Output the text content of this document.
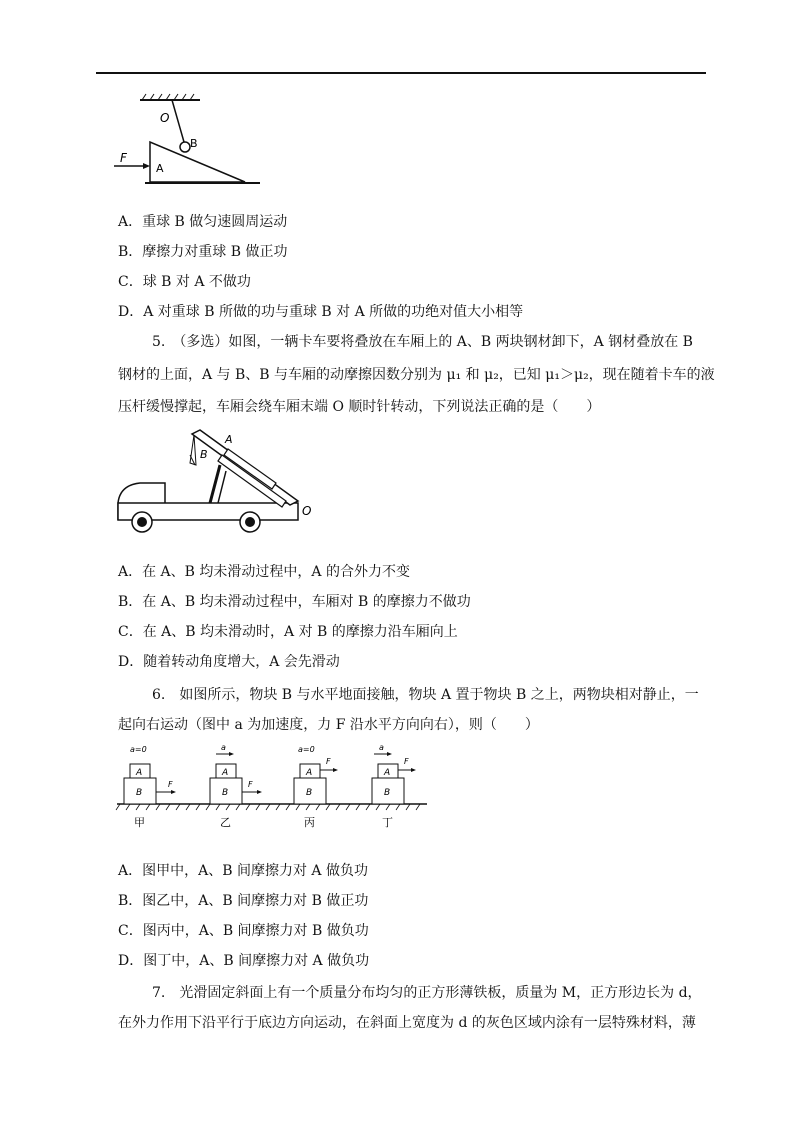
O
B
F
A
A．重球 B 做匀速圆周运动
B．摩擦力对重球 B 做正功
C．球 B 对 A 不做功
D．A 对重球 B 所做的功与重球 B 对 A 所做的功绝对值大小相等
5.　（多选）如图，一辆卡车要将叠放在车厢上的 A、B 两块钢材卸下，A 钢材叠放在 B
钢材的上面，A 与 B、B 与车厢的动摩擦因数分别为 μ₁ 和 μ₂，已知 μ₁＞μ₂，现在随着卡车的液
压杆缓慢撑起，车厢会绕车厢末端 O 顺时针转动，下列说法正确的是（　　）
A
B
O
A．在 A、B 均未滑动过程中，A 的合外力不变
B．在 A、B 均未滑动过程中，车厢对 B 的摩擦力不做功
C．在 A、B 均未滑动时，A 对 B 的摩擦力沿车厢向上
D．随着转动角度增大，A 会先滑动
6.　如图所示，物块 B 与水平地面接触，物块 A 置于物块 B 之上，两物块相对静止，一
起向右运动（图中 a 为加速度，力 F 沿水平方向向右），则（　　）
a=0
A
B
F
甲
a
A
B
F
乙
a=0
A
B
F
丙
a
A
B
F
丁
A．图甲中，A、B 间摩擦力对 A 做负功
B．图乙中，A、B 间摩擦力对 B 做正功
C．图丙中，A、B 间摩擦力对 B 做负功
D．图丁中，A、B 间摩擦力对 A 做负功
7.　光滑固定斜面上有一个质量分布均匀的正方形薄铁板，质量为 M，正方形边长为 d，
在外力作用下沿平行于底边方向运动，在斜面上宽度为 d 的灰色区域内涂有一层特殊材料，薄
